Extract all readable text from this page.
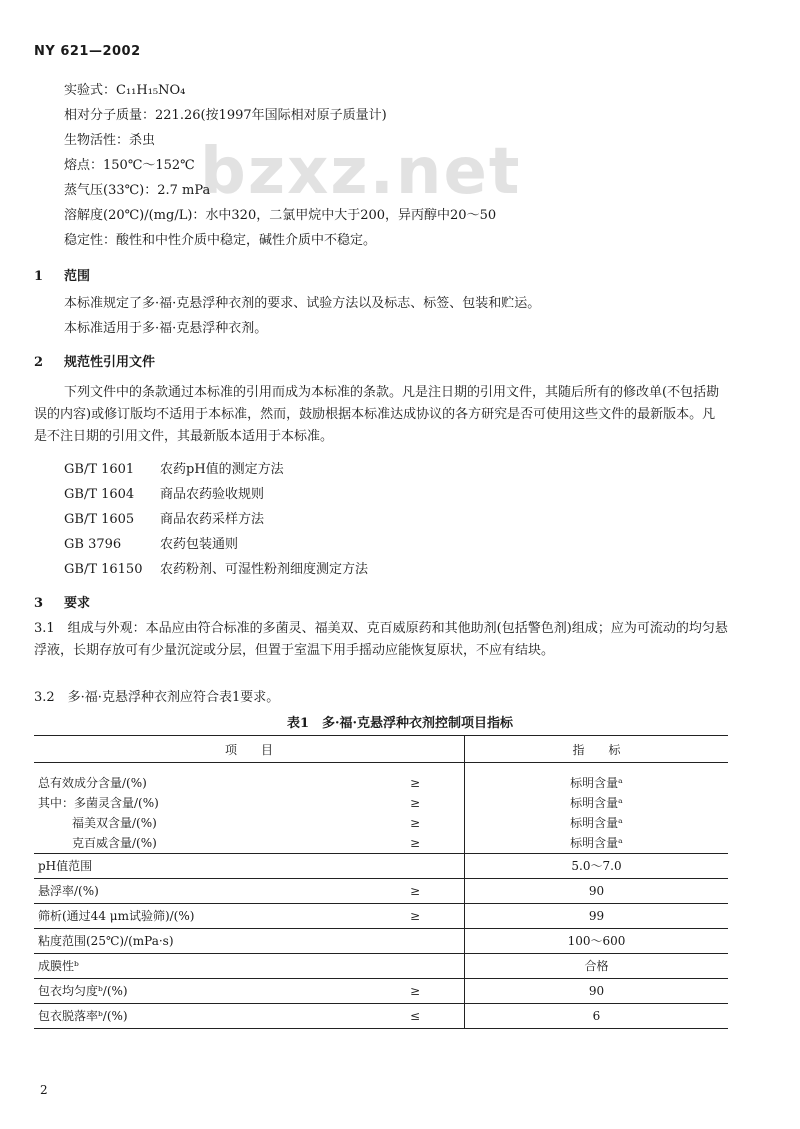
NY 621—2002
bzxz.net
实验式：C₁₁H₁₅NO₄
相对分子质量：221.26(按1997年国际相对原子质量计)
生物活性：杀虫
熔点：150℃～152℃
蒸气压(33℃)：2.7 mPa
溶解度(20℃)/(mg/L)：水中320，二氯甲烷中大于200，异丙醇中20～50
稳定性：酸性和中性介质中稳定，碱性介质中不稳定。
1 范围
本标准规定了多·福·克悬浮种衣剂的要求、试验方法以及标志、标签、包装和贮运。
本标准适用于多·福·克悬浮种衣剂。
2 规范性引用文件
下列文件中的条款通过本标准的引用而成为本标准的条款。凡是注日期的引用文件，其随后所有的修改单(不包括勘误的内容)或修订版均不适用于本标准，然而，鼓励根据本标准达成协议的各方研究是否可使用这些文件的最新版本。凡是不注日期的引用文件，其最新版本适用于本标准。
GB/T 1601 农药pH值的测定方法
GB/T 1604 商品农药验收规则
GB/T 1605 商品农药采样方法
GB 3796	农药包装通则
GB/T 16150 农药粉剂、可湿性粉剂细度测定方法
3 要求
3.1　组成与外观：本品应由符合标准的多菌灵、福美双、克百威原药和其他助剂(包括警色剂)组成；应为可流动的均匀悬浮液，长期存放可有少量沉淀或分层，但置于室温下用手摇动应能恢复原状，不应有结块。
3.2　多·福·克悬浮种衣剂应符合表1要求。
表1　多·福·克悬浮种衣剂控制项目指标
项　　目		指　　标

总有效成分含量/(%)	≥	标明含量ᵃ
其中：多菌灵含量/(%)	≥	标明含量ᵃ
福美双含量/(%)	≥	标明含量ᵃ
克百威含量/(%)	≥	标明含量ᵃ
pH值范围		5.0～7.0
悬浮率/(%)	≥	90
筛析(通过44 μm试验筛)/(%)	≥	99
粘度范围(25℃)/(mPa·s)		100～600
成膜性ᵇ		合格
包衣均匀度ᵇ/(%)	≥	90
包衣脱落率ᵇ/(%)	≤	6
2
